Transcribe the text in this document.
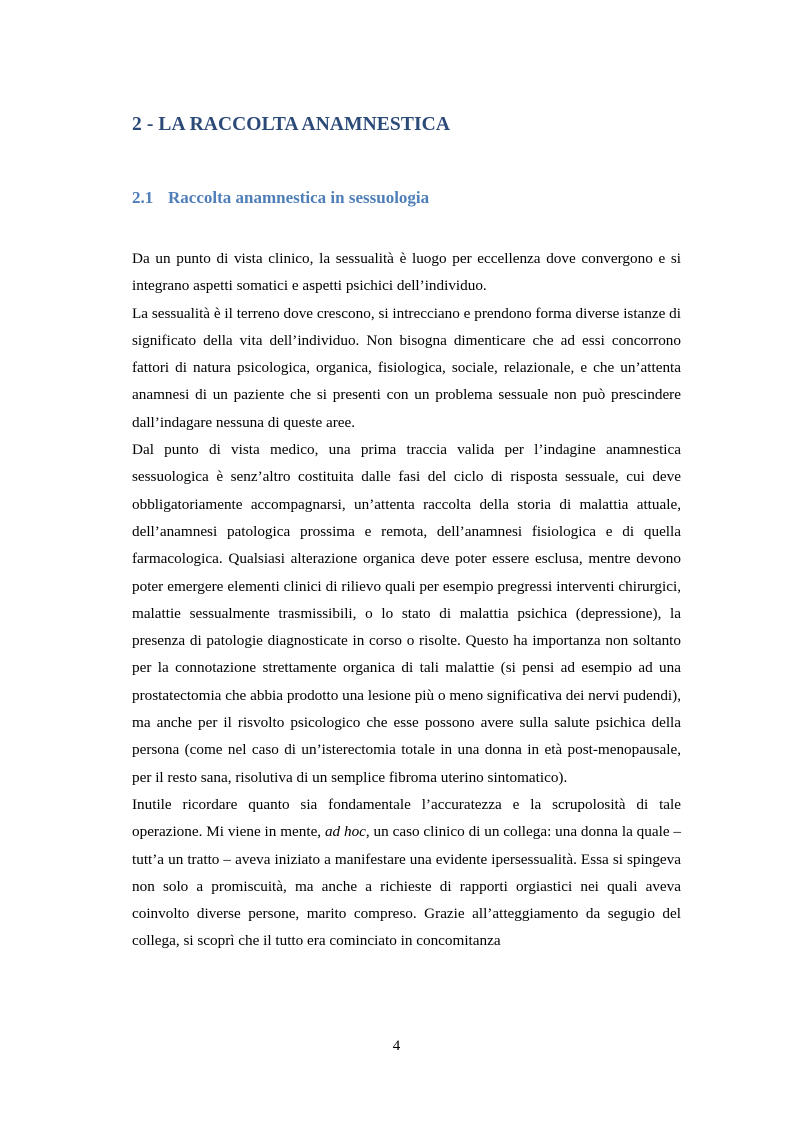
2 - LA RACCOLTA ANAMNESTICA
2.1 Raccolta anamnestica in sessuologia

Da un punto di vista clinico, la sessualità è luogo per eccellenza dove convergono e si integrano aspetti somatici e aspetti psichici dell’individuo.

La sessualità è il terreno dove crescono, si intrecciano e prendono forma diverse istanze di significato della vita dell’individuo. Non bisogna dimenticare che ad essi concorrono fattori di natura psicologica, organica, fisiologica, sociale, relazionale, e che un’attenta anamnesi di un paziente che si presenti con un problema sessuale non può prescindere dall’indagare nessuna di queste aree.

Dal punto di vista medico, una prima traccia valida per l’indagine anamnestica sessuologica è senz’altro costituita dalle fasi del ciclo di risposta sessuale, cui deve obbligatoriamente accompagnarsi, un’attenta raccolta della storia di malattia attuale, dell’anamnesi patologica prossima e remota, dell’anamnesi fisiologica e di quella farmacologica. Qualsiasi alterazione organica deve poter essere esclusa, mentre devono poter emergere elementi clinici di rilievo quali per esempio pregressi interventi chirurgici, malattie sessualmente trasmissibili, o lo stato di malattia psichica (depressione), la presenza di patologie diagnosticate in corso o risolte. Questo ha importanza non soltanto per la connotazione strettamente organica di tali malattie (si pensi ad esempio ad una prostatectomia che abbia prodotto una lesione più o meno significativa dei nervi pudendi), ma anche per il risvolto psicologico che esse possono avere sulla salute psichica della persona (come nel caso di un’isterectomia totale in una donna in età post-menopausale, per il resto sana, risolutiva di un semplice fibroma uterino sintomatico).

Inutile ricordare quanto sia fondamentale l’accuratezza e la scrupolosità di tale operazione. Mi viene in mente, ad hoc, un caso clinico di un collega: una donna la quale – tutt’a un tratto – aveva iniziato a manifestare una evidente ipersessualità. Essa si spingeva non solo a promiscuità, ma anche a richieste di rapporti orgiastici nei quali aveva coinvolto diverse persone, marito compreso. Grazie all’atteggiamento da segugio del collega, si scoprì che il tutto era cominciato in concomitanza

4
